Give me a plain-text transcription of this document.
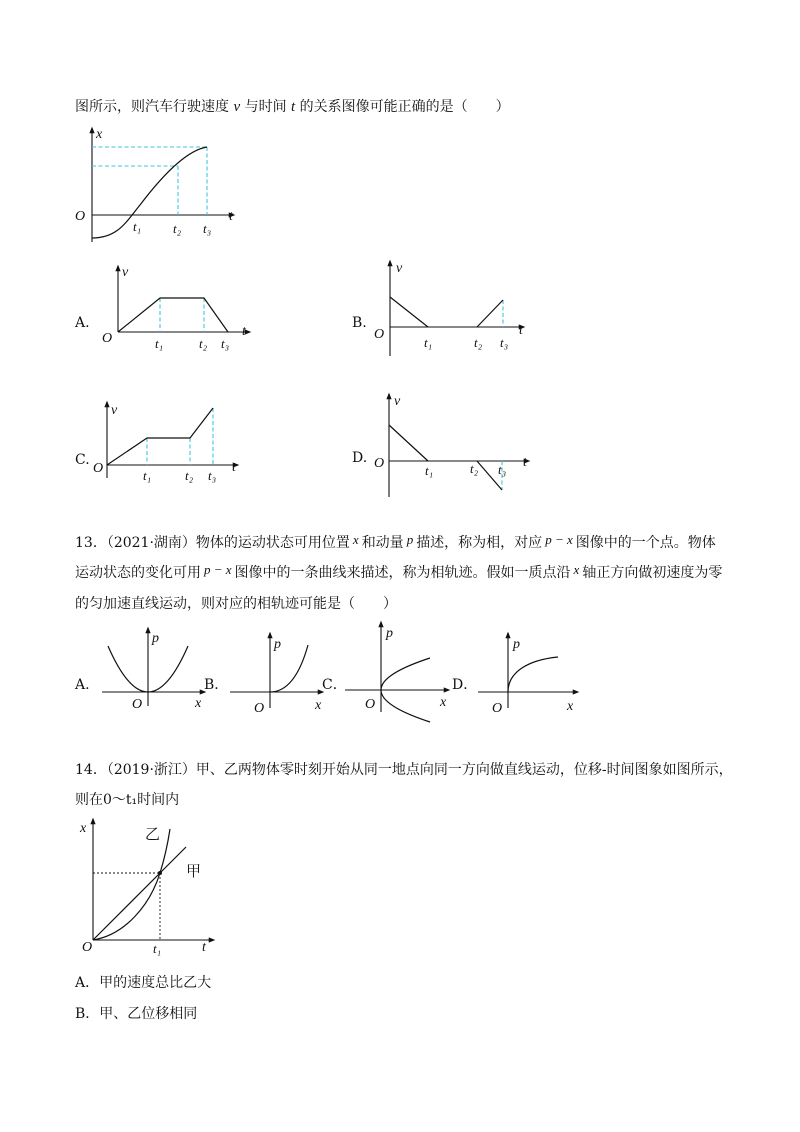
图所示，则汽车行驶速度 v 与时间 t 的关系图像可能正确的是（　　）
x
O	t
t₁ t₂ t₃
A.
v
O	t
t₁	t₂ t₃
B.
v
O	t
t₁	t₂ t₃
C.
v
O	t
t₁	t₂ t₃
D.
v
O	t
t₁	t₂ t₃
13．（2021·湖南）物体的运动状态可用位置 x 和动量 p 描述，称为相，对应 p − x 图像中的一个点。物体
运动状态的变化可用 p − x 图像中的一条曲线来描述，称为相轨迹。假如一质点沿 x 轴正方向做初速度为零
的匀加速直线运动，则对应的相轨迹可能是（　　）
A.
p
O	x
B．
p
O	x
C．
p
O	x
D．
p
O	x
14．（2019·浙江）甲、乙两物体零时刻开始从同一地点向同一方向做直线运动，位移-时间图象如图所示，
则在0～t₁时间内
x
O	t
t₁
乙
甲
A．甲的速度总比乙大
B．甲、乙位移相同
